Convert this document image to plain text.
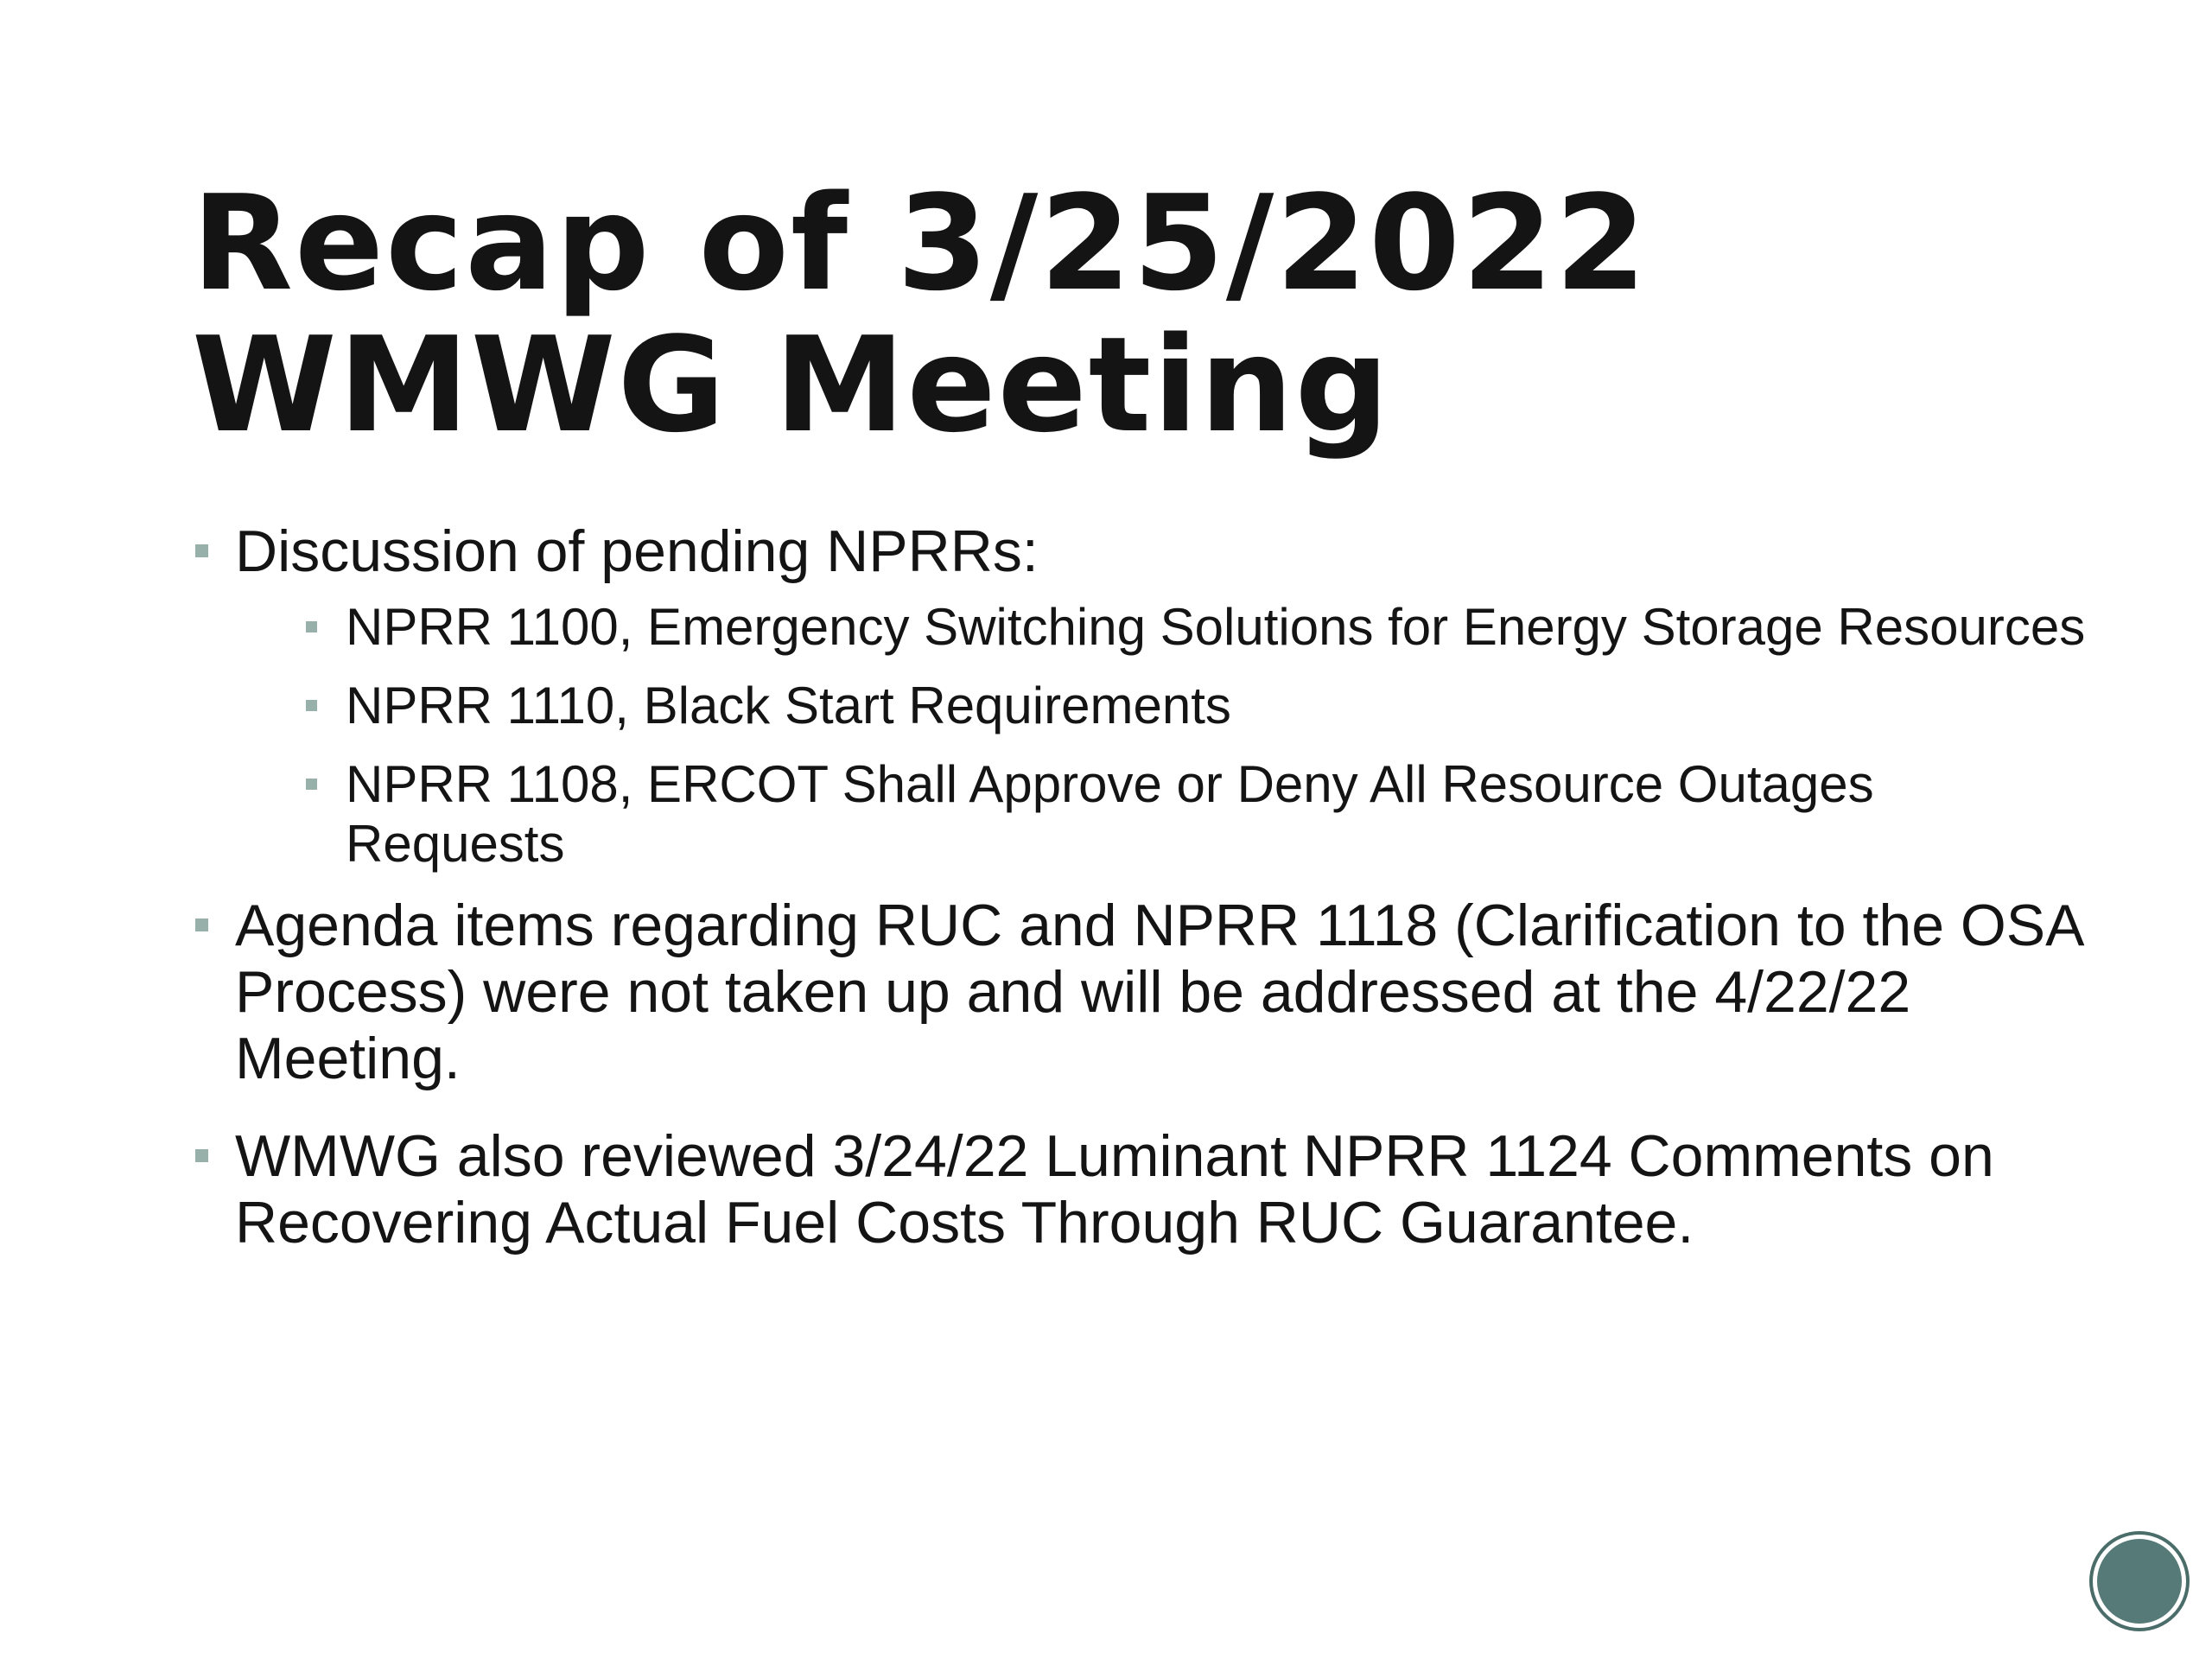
Recap of 3/25/2022
WMWG Meeting
Discussion of pending NPRRs:
NPRR 1100, Emergency Switching Solutions for Energy Storage Resources
NPRR 1110, Black Start Requirements
NPRR 1108, ERCOT Shall Approve or Deny All Resource Outages Requests
Agenda items regarding RUC and NPRR 1118 (Clarification to the OSA Process) were not taken up and will be addressed at the 4/22/22 Meeting.
WMWG also reviewed 3/24/22 Luminant NPRR 1124 Comments on Recovering Actual Fuel Costs Through RUC Guarantee.
